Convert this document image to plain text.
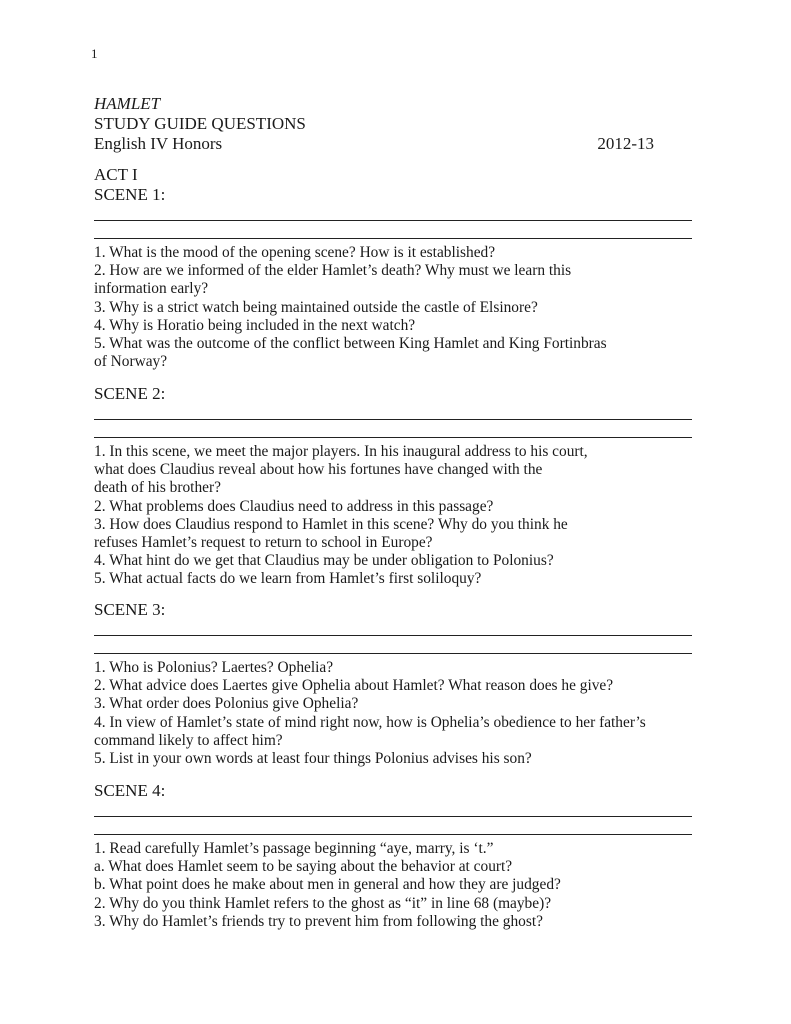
1
HAMLET
STUDY GUIDE QUESTIONS
English IV Honors	2012-13
ACT I
SCENE 1:
1. What is the mood of the opening scene? How is it established?
2. How are we informed of the elder Hamlet’s death? Why must we learn this
information early?
3. Why is a strict watch being maintained outside the castle of Elsinore?
4. Why is Horatio being included in the next watch?
5. What was the outcome of the conflict between King Hamlet and King Fortinbras
of Norway?
SCENE 2:
1. In this scene, we meet the major players. In his inaugural address to his court,
what does Claudius reveal about how his fortunes have changed with the
death of his brother?
2. What problems does Claudius need to address in this passage?
3. How does Claudius respond to Hamlet in this scene? Why do you think he
refuses Hamlet’s request to return to school in Europe?
4. What hint do we get that Claudius may be under obligation to Polonius?
5. What actual facts do we learn from Hamlet’s first soliloquy?
SCENE 3:
1. Who is Polonius? Laertes? Ophelia?
2. What advice does Laertes give Ophelia about Hamlet? What reason does he give?
3. What order does Polonius give Ophelia?
4. In view of Hamlet’s state of mind right now, how is Ophelia’s obedience to her father’s
command likely to affect him?
5. List in your own words at least four things Polonius advises his son?
SCENE 4:
1. Read carefully Hamlet’s passage beginning “aye, marry, is ‘t.”
a. What does Hamlet seem to be saying about the behavior at court?
b. What point does he make about men in general and how they are judged?
2. Why do you think Hamlet refers to the ghost as “it” in line 68 (maybe)?
3. Why do Hamlet’s friends try to prevent him from following the ghost?
